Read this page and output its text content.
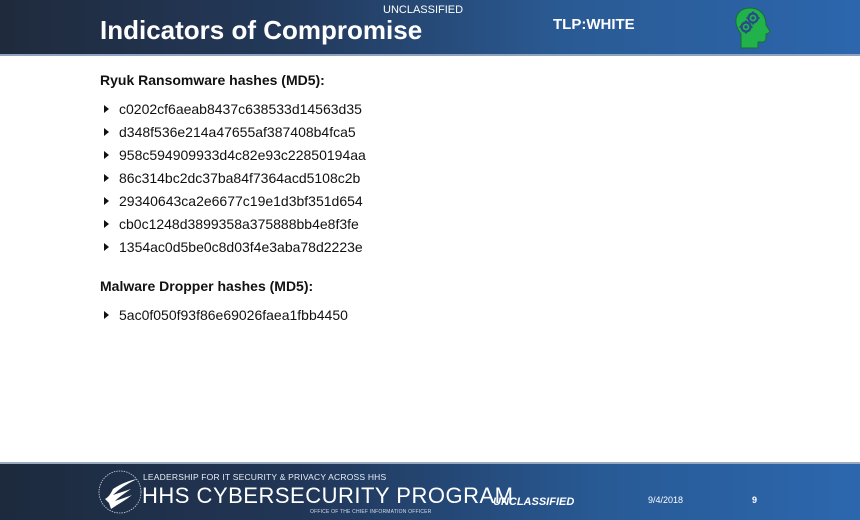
UNCLASSIFIED
Indicators of Compromise	TLP:WHITE
Ryuk Ransomware hashes (MD5):
c0202cf6aeab8437c638533d14563d35
d348f536e214a47655af387408b4fca5
958c594909933d4c82e93c22850194aa
86c314bc2dc37ba84f7364acd5108c2b
29340643ca2e6677c19e1d3bf351d654
cb0c1248d3899358a375888bb4e8f3fe
1354ac0d5be0c8d03f4e3aba78d2223e
Malware Dropper hashes (MD5):
5ac0f050f93f86e69026faea1fbb4450
LEADERSHIP FOR IT SECURITY & PRIVACY ACROSS HHS
HHS CYBERSECURITY PROGRAM
OFFICE OF THE CHIEF INFORMATION OFFICER
UNCLASSIFIED	9/4/2018	9
